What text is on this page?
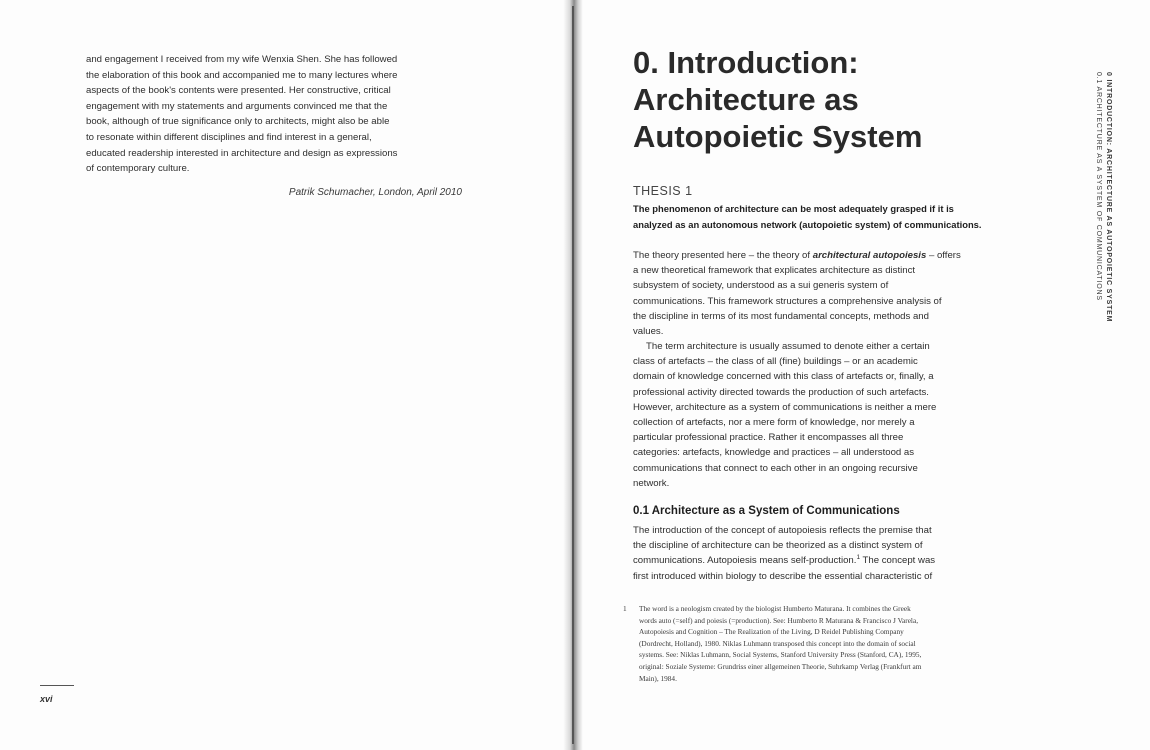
and engagement I received from my wife Wenxia Shen. She has followed
the elaboration of this book and accompanied me to many lectures where
aspects of the book's contents were presented. Her constructive, critical
engagement with my statements and arguments convinced me that the
book, although of true significance only to architects, might also be able
to resonate within different disciplines and find interest in a general,
educated readership interested in architecture and design as expressions
of contemporary culture.
Patrik Schumacher, London, April 2010
xvi
0. Introduction:
Architecture as
Autopoietic System
THESIS 1
The phenomenon of architecture can be most adequately grasped if it is
analyzed as an autonomous network (autopoietic system) of communications.
The theory presented here – the theory of architectural autopoiesis – offers
a new theoretical framework that explicates architecture as distinct
subsystem of society, understood as a sui generis system of
communications. This framework structures a comprehensive analysis of
the discipline in terms of its most fundamental concepts, methods and
values.
The term architecture is usually assumed to denote either a certain
class of artefacts – the class of all (fine) buildings – or an academic
domain of knowledge concerned with this class of artefacts or, finally, a
professional activity directed towards the production of such artefacts.
However, architecture as a system of communications is neither a mere
collection of artefacts, nor a mere form of knowledge, nor merely a
particular professional practice. Rather it encompasses all three
categories: artefacts, knowledge and practices – all understood as
communications that connect to each other in an ongoing recursive
network.
0.1 Architecture as a System of Communications
The introduction of the concept of autopoiesis reflects the premise that
the discipline of architecture can be theorized as a distinct system of
communications. Autopoiesis means self-production.$^1$ The concept was
first introduced within biology to describe the essential characteristic of
1	The word is a neologism created by the biologist Humberto Maturana. It combines the Greek
words auto (=self) and poiesis (=production). See: Humberto R Maturana & Francisco J Varela,
Autopoiesis and Cognition – The Realization of the Living, D Reidel Publishing Company
(Dordrecht, Holland), 1980. Niklas Luhmann transposed this concept into the domain of social
systems. See: Niklas Luhmann, Social Systems, Stanford University Press (Stanford, CA), 1995,
original: Soziale Systeme: Grundriss einer allgemeinen Theorie, Suhrkamp Verlag (Frankfurt am
Main), 1984.
0 INTRODUCTION: ARCHITECTURE AS AUTOPOIETIC SYSTEM
0.1 ARCHITECTURE AS A SYSTEM OF COMMUNICATIONS
